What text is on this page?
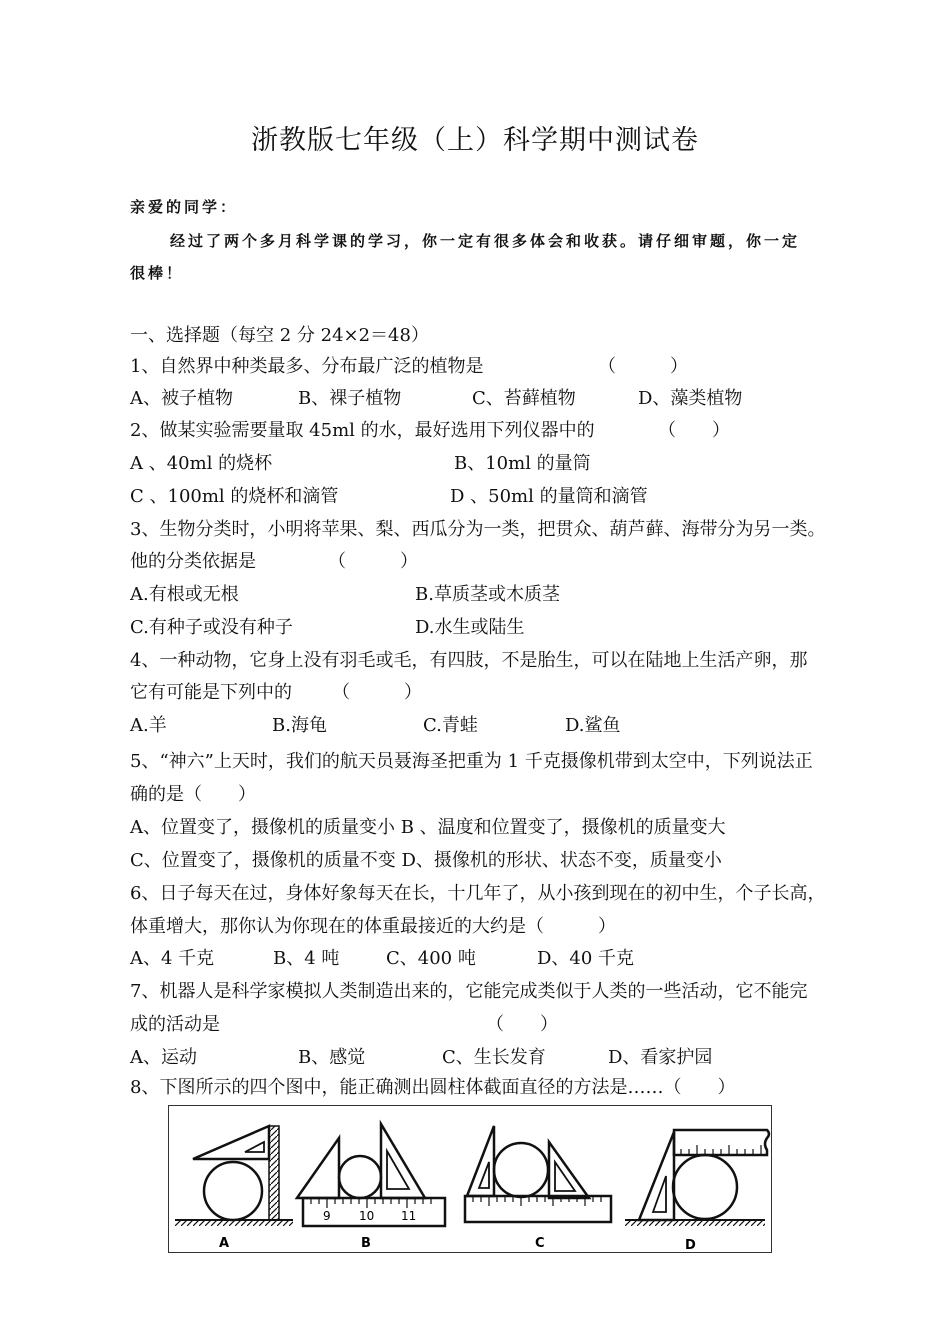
浙教版七年级（上）科学期中测试卷
亲爱的同学：
经过了两个多月科学课的学习，你一定有很多体会和收获。请仔细审题，你一定
很棒！
一、选择题（每空 2 分 24×2＝48）
1、自然界中种类最多、分布最广泛的植物是	（　　　）
A、被子植物	B、裸子植物	C、苔藓植物	D、藻类植物
2、做某实验需要量取 45ml 的水，最好选用下列仪器中的	（　　）
A 、40ml 的烧杯	B、10ml 的量筒
C 、100ml 的烧杯和滴管	D 、50ml 的量筒和滴管
3、生物分类时，小明将苹果、梨、西瓜分为一类，把贯众、葫芦藓、海带分为另一类。
他的分类依据是	（　　　）
A.有根或无根	B.草质茎或木质茎
C.有种子或没有种子	D.水生或陆生
4、一种动物，它身上没有羽毛或毛，有四肢，不是胎生，可以在陆地上生活产卵，那
它有可能是下列中的 （　　　）
A.羊	B.海龟	C.青蛙	D.鲨鱼
5、“神六”上天时，我们的航天员聂海圣把重为 1 千克摄像机带到太空中，下列说法正
确的是（　　）
A、位置变了，摄像机的质量变小 B 、温度和位置变了，摄像机的质量变大
C、位置变了，摄像机的质量不变 D、摄像机的形状、状态不变，质量变小
6、日子每天在过，身体好象每天在长，十几年了，从小孩到现在的初中生，个子长高，
体重增大，那你认为你现在的体重最接近的大约是（　　　）
A、4 千克	B、4 吨	C、400 吨	D、40 千克
7、机器人是科学家模拟人类制造出来的，它能完成类似于人类的一些活动，它不能完
成的活动是	（　　）
A、运动	B、感觉	C、生长发育	D、看家护园
8、下图所示的四个图中，能正确测出圆柱体截面直径的方法是……（　　）
A
9 10 11
B	C	D
